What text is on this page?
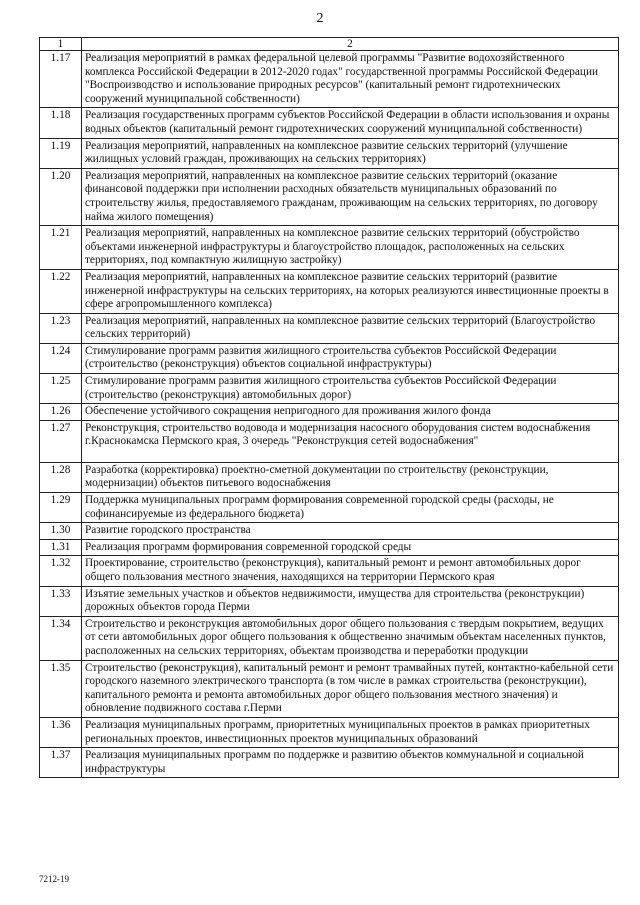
2
1	2
1.17	Реализация мероприятий в рамках федеральной целевой программы "Развитие водохозяйственного комплекса Российской Федерации в 2012-2020 годах" государственной программы Российской Федерации "Воспроизводство и использование природных ресурсов" (капитальный ремонт гидротехнических сооружений муниципальной собственности)
1.18	Реализация государственных программ субъектов Российской Федерации в области использования и охраны водных объектов (капитальный ремонт гидротехнических сооружений муниципальной собственности)
1.19	Реализация мероприятий, направленных на комплексное развитие сельских территорий (улучшение жилищных условий граждан, проживающих на сельских территориях)
1.20	Реализация мероприятий, направленных на комплексное развитие сельских территорий (оказание финансовой поддержки при исполнении расходных обязательств муниципальных образований по строительству жилья, предоставляемого гражданам, проживающим на сельских территориях, по договору найма жилого помещения)
1.21	Реализация мероприятий, направленных на комплексное развитие сельских территорий (обустройство объектами инженерной инфраструктуры и благоустройство площадок, расположенных на сельских территориях, под компактную жилищную застройку)
1.22	Реализация мероприятий, направленных на комплексное развитие сельских территорий (развитие инженерной инфраструктуры на сельских территориях, на которых реализуются инвестиционные проекты в сфере агропромышленного комплекса)
1.23	Реализация мероприятий, направленных на комплексное развитие сельских территорий (Благоустройство сельских территорий)
1.24	Стимулирование программ развития жилищного строительства субъектов Российской Федерации (строительство (реконструкция) объектов социальной инфраструктуры)
1.25	Стимулирование программ развития жилищного строительства субъектов Российской Федерации (строительство (реконструкция) автомобильных дорог)
1.26	Обеспечение устойчивого сокращения непригодного для проживания жилого фонда
1.27	Реконструкция, строительство водовода и модернизация насосного оборудования систем водоснабжения г.Краснокамска Пермского края, 3 очередь "Реконструкция сетей водоснабжения"
1.28	Разработка (корректировка) проектно-сметной документации по строительству (реконструкции, модернизации) объектов питьевого водоснабжения
1.29	Поддержка муниципальных программ формирования современной городской среды (расходы, не софинансируемые из федерального бюджета)
1.30	Развитие городского пространства
1.31	Реализация программ формирования современной городской среды
1.32	Проектирование, строительство (реконструкция), капитальный ремонт и ремонт автомобильных дорог общего пользования местного значения, находящихся на территории Пермского края
1.33	Изъятие земельных участков и объектов недвижимости, имущества для строительства (реконструкции) дорожных объектов города Перми
1.34	Строительство и реконструкция автомобильных дорог общего пользования с твердым покрытием, ведущих от сети автомобильных дорог общего пользования к общественно значимым объектам населенных пунктов, расположенных на сельских территориях, объектам производства и переработки продукции
1.35	Строительство (реконструкция), капитальный ремонт и ремонт трамвайных путей, контактно-кабельной сети городского наземного электрического транспорта (в том числе в рамках строительства (реконструкции), капитального ремонта и ремонта автомобильных дорог общего пользования местного значения) и обновление подвижного состава г.Перми
1.36	Реализация муниципальных программ, приоритетных муниципальных проектов в рамках приоритетных региональных проектов, инвестиционных проектов муниципальных образований
1.37	Реализация муниципальных программ по поддержке и развитию объектов коммунальной и социальной инфраструктуры
7212-19
